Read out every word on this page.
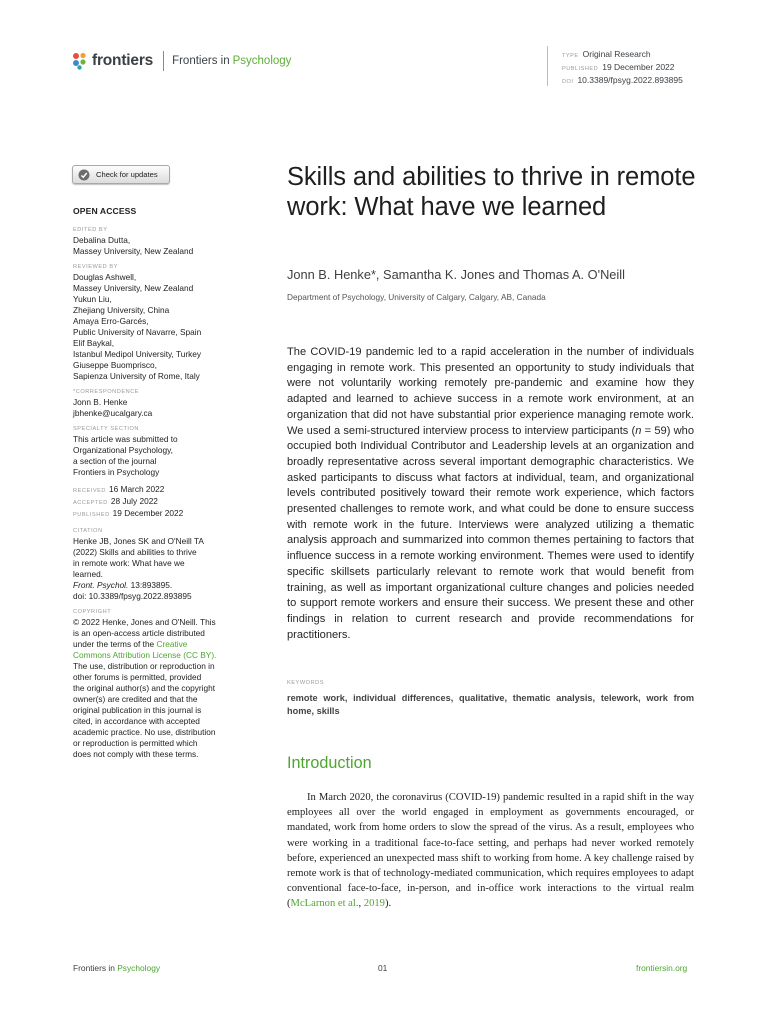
frontiers Frontiers in Psychology	TYPE Original Research
PUBLISHED 19 December 2022
DOI 10.3389/fpsyg.2022.893895
Check for updates
OPEN ACCESS
EDITED BY
Debalina Dutta,
Massey University, New Zealand
REVIEWED BY
Douglas Ashwell,
Massey University, New Zealand
Yukun Liu,
Zhejiang University, China
Amaya Erro-Garcés,
Public University of Navarre, Spain
Elif Baykal,
Istanbul Medipol University, Turkey
Giuseppe Buomprisco,
Sapienza University of Rome, Italy
*CORRESPONDENCE
Jonn B. Henke
jbhenke@ucalgary.ca
SPECIALTY SECTION
This article was submitted to
Organizational Psychology,
a section of the journal
Frontiers in Psychology
RECEIVED 16 March 2022
ACCEPTED 28 July 2022
PUBLISHED 19 December 2022
CITATION
Henke JB, Jones SK and O'Neill TA
(2022) Skills and abilities to thrive
in remote work: What have we
learned.
Front. Psychol. 13:893895.
doi: 10.3389/fpsyg.2022.893895
COPYRIGHT
© 2022 Henke, Jones and O'Neill. This
is an open-access article distributed
under the terms of the Creative
Commons Attribution License (CC BY).
The use, distribution or reproduction in
other forums is permitted, provided
the original author(s) and the copyright
owner(s) are credited and that the
original publication in this journal is
cited, in accordance with accepted
academic practice. No use, distribution
or reproduction is permitted which
does not comply with these terms.
Skills and abilities to thrive in remote work: What have we learned
Jonn B. Henke*, Samantha K. Jones and Thomas A. O'Neill
Department of Psychology, University of Calgary, Calgary, AB, Canada
The COVID-19 pandemic led to a rapid acceleration in the number of individuals engaging in remote work. This presented an opportunity to study individuals that were not voluntarily working remotely pre-pandemic and examine how they adapted and learned to achieve success in a remote work environment, at an organization that did not have substantial prior experience managing remote work. We used a semi-structured interview process to interview participants (n = 59) who occupied both Individual Contributor and Leadership levels at an organization and broadly representative across several important demographic characteristics. We asked participants to discuss what factors at individual, team, and organizational levels contributed positively toward their remote work experience, which factors presented challenges to remote work, and what could be done to ensure success with remote work in the future. Interviews were analyzed utilizing a thematic analysis approach and summarized into common themes pertaining to factors that influence success in a remote working environment. Themes were used to identify specific skillsets particularly relevant to remote work that would benefit from training, as well as important organizational culture changes and policies needed to support remote workers and ensure their success. We present these and other findings in relation to current research and provide recommendations for practitioners.
KEYWORDS
remote work, individual differences, qualitative, thematic analysis, telework, work from home, skills
Introduction

In March 2020, the coronavirus (COVID-19) pandemic resulted in a rapid shift in the way employees all over the world engaged in employment as governments encouraged, or mandated, work from home orders to slow the spread of the virus. As a result, employees who were working in a traditional face-to-face setting, and perhaps had never worked remotely before, experienced an unexpected mass shift to working from home. A key challenge raised by remote work is that of technology-mediated communication, which requires employees to adapt conventional face-to-face, in-person, and in-office work interactions to the virtual realm (McLarnon et al., 2019).

Frontiers in Psychology	01	frontiersin.org
